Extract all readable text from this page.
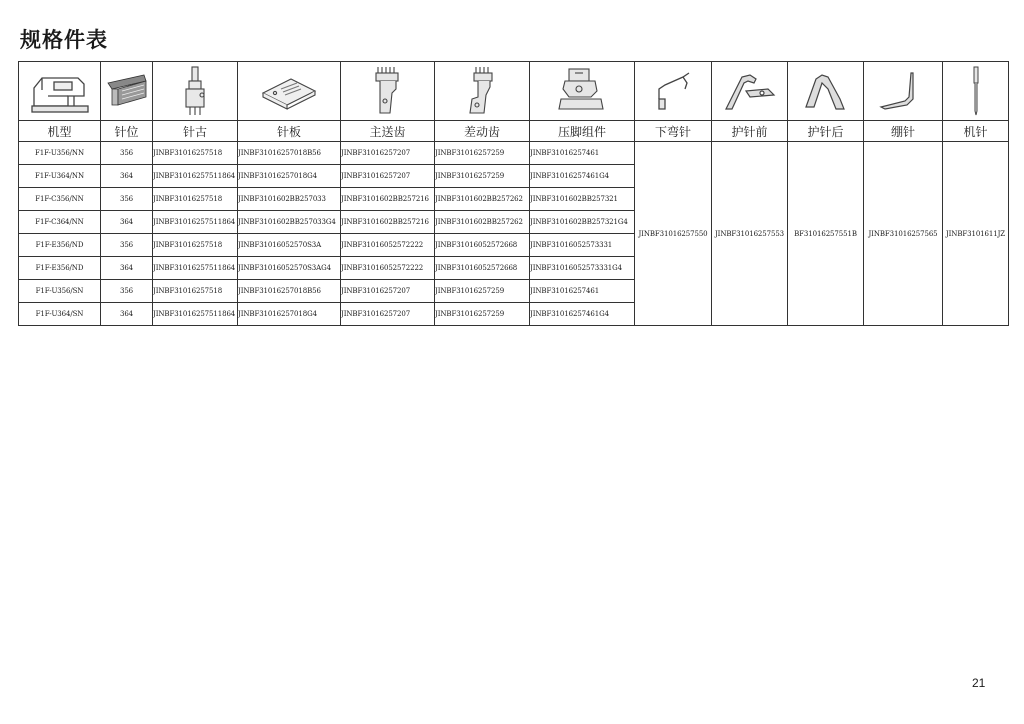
规格件表

机型	针位	针古	针板	主送齿	差动齿	压脚组件	下弯针	护针前	护针后	绷针	机针
F1F-U356/NN	356	JINBF31016257518	JINBF31016257018B56	JINBF31016257207	JINBF31016257259	JINBF31016257461	JINBF31016257550	JINBF31016257553	BF31016257551B	JINBF31016257565	JINBF3101611JZ
F1F-U364/NN	364	JINBF31016257511864	JINBF31016257018G4	JINBF31016257207	JINBF31016257259	JINBF31016257461G4					
F1F-C356/NN	356	JINBF31016257518	JINBF3101602BB257033	JINBF3101602BB257216	JINBF3101602BB257262	JINBF3101602BB257321					
F1F-C364/NN	364	JINBF31016257511864	JINBF3101602BB257033G4	JINBF3101602BB257216	JINBF3101602BB257262	JINBF3101602BB257321G4					
F1F-E356/ND	356	JINBF31016257518	JINBF31016052570S3A	JINBF31016052572222	JINBF31016052572668	JINBF31016052573331					
F1F-E356/ND	364	JINBF31016257511864	JINBF31016052570S3AG4	JINBF31016052572222	JINBF31016052572668	JINBF31016052573331G4					
F1F-U356/SN	356	JINBF31016257518	JINBF31016257018B56	JINBF31016257207	JINBF31016257259	JINBF31016257461					
F1F-U364/SN	364	JINBF31016257511864	JINBF31016257018G4	JINBF31016257207	JINBF31016257259	JINBF31016257461G4					
21
